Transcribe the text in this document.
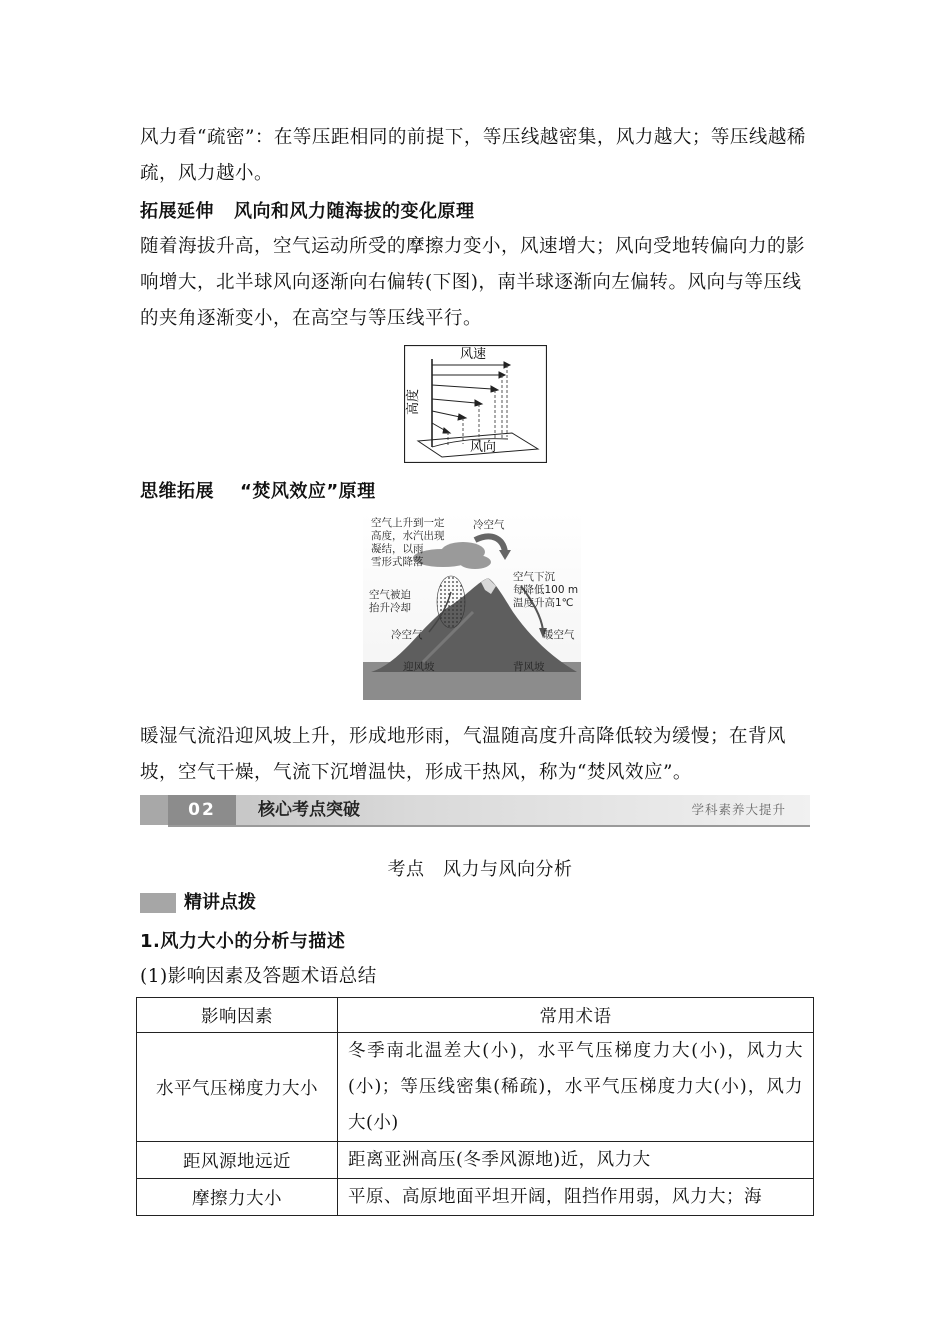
风力看“疏密”：在等压距相同的前提下，等压线越密集，风力越大；等压线越稀疏，风力越小。

拓展延伸 风向和风力随海拔的变化原理

随着海拔升高，空气运动所受的摩擦力变小，风速增大；风向受地转偏向力的影响增大，北半球风向逐渐向右偏转(下图)，南半球逐渐向左偏转。风向与等压线的夹角逐渐变小，在高空与等压线平行。

风速
高度
风向
思维拓展 “焚风效应”原理
空气上升到一定
高度，水汽出现
凝结，以雨
雪形式降落
冷空气
空气被迫
抬升冷却
空气下沉
每降低100 m
温度升高1℃
冷空气	暖空气
迎风坡	背风坡

暖湿气流沿迎风坡上升，形成地形雨，气温随高度升高降低较为缓慢；在背风坡，空气干燥，气流下沉增温快，形成干热风，称为“焚风效应”。

02	核心考点突破	学科素养大提升
考点　风力与风向分析
精讲点拨
1.风力大小的分析与描述
(1)影响因素及答题术语总结
影响因素	常用术语
水平气压梯度力大小	冬季南北温差大(小)，水平气压梯度力大(小)，风力大(小)；等压线密集(稀疏)，水平气压梯度力大(小)，风力大(小)
距风源地远近	距离亚洲高压(冬季风源地)近，风力大
摩擦力大小	平原、高原地面平坦开阔，阻挡作用弱，风力大；海
